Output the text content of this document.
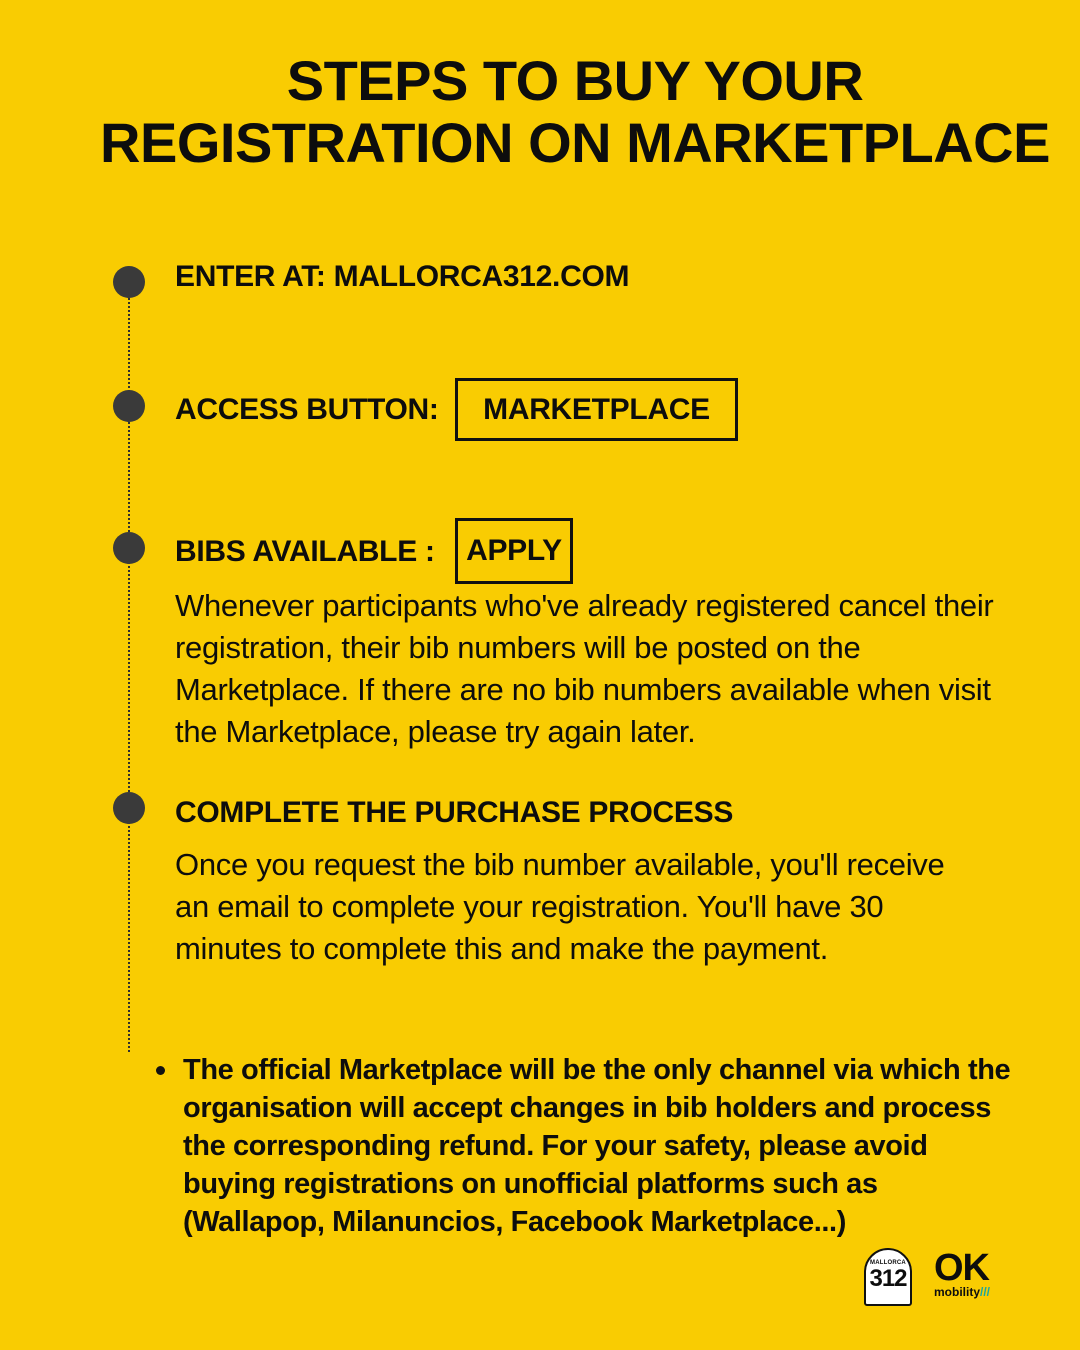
STEPS TO BUY YOUR
REGISTRATION ON MARKETPLACE
ENTER AT: MALLORCA312.COM
ACCESS BUTTON:	MARKETPLACE
BIBS AVAILABLE :	APPLY
Whenever participants who've already registered cancel their registration, their bib numbers will be posted on the Marketplace. If there are no bib numbers available when visit the Marketplace, please try again later.
COMPLETE THE PURCHASE PROCESS
Once you request the bib number available, you'll receive an email to complete your registration. You'll have 30 minutes to complete this and make the payment.
The official Marketplace will be the only channel via which the organisation will accept changes in bib holders and process the corresponding refund. For your safety, please avoid buying registrations on unofficial platforms such as (Wallapop, Milanuncios, Facebook Marketplace...)
MALLORCA
312 OK
mobility///
